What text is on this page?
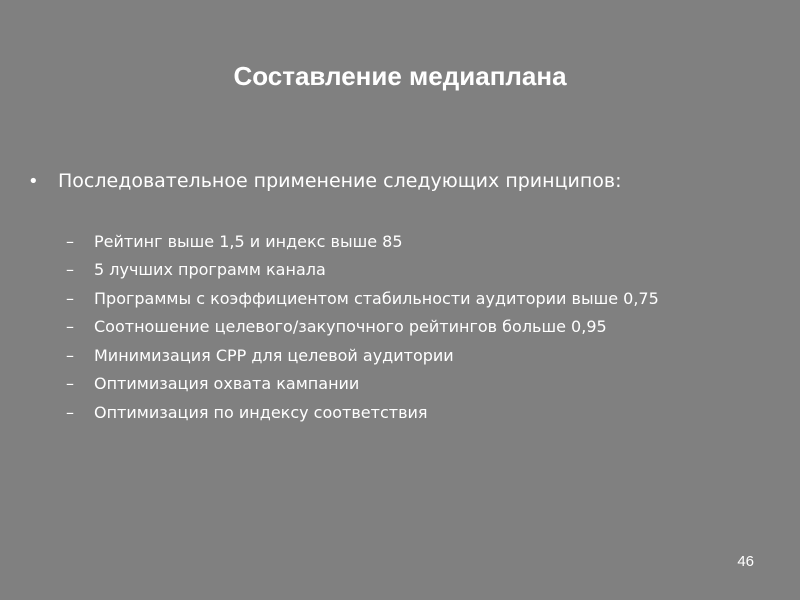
Составление медиаплана
•	Последовательное применение следующих принципов:
–	Рейтинг выше 1,5 и индекс выше 85
–	5 лучших программ канала
–	Программы с коэффициентом стабильности аудитории выше 0,75
–	Соотношение целевого/закупочного рейтингов больше 0,95
–	Минимизация CPP для целевой аудитории
–	Оптимизация охвата кампании
–	Оптимизация по индексу соответствия
46
